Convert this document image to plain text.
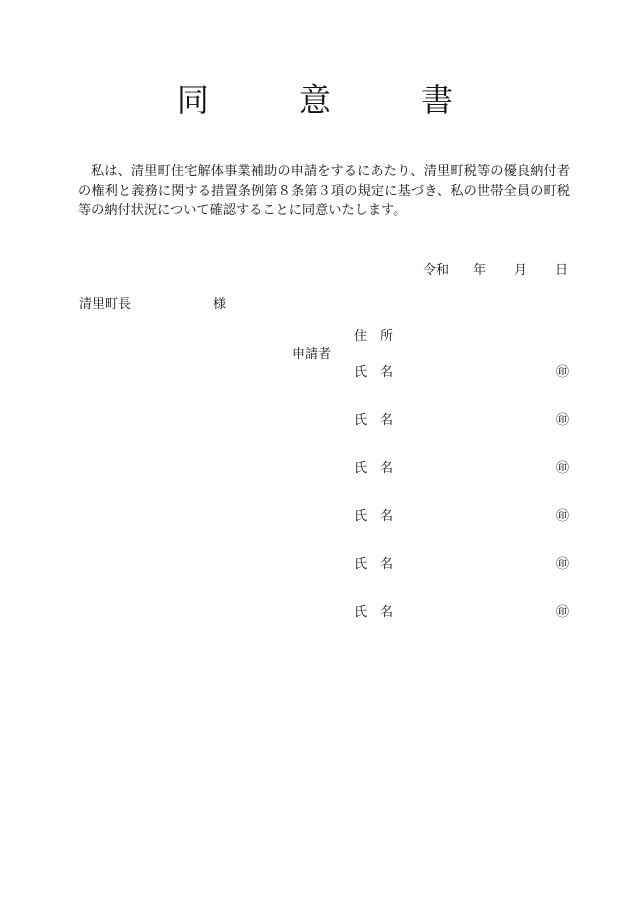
同 意 書

私は、清里町住宅解体事業補助の申請をするにあたり、清里町税等の優良納付者の権利と義務に関する措置条例第８条第３項の規定に基づき、私の世帯全員の町税等の納付状況について確認することに同意いたします。

令和 年 月 日
清里町長	様
申請者
住所
氏名	㊞
氏名	㊞
氏名	㊞
氏名	㊞
氏名	㊞
氏名	㊞
